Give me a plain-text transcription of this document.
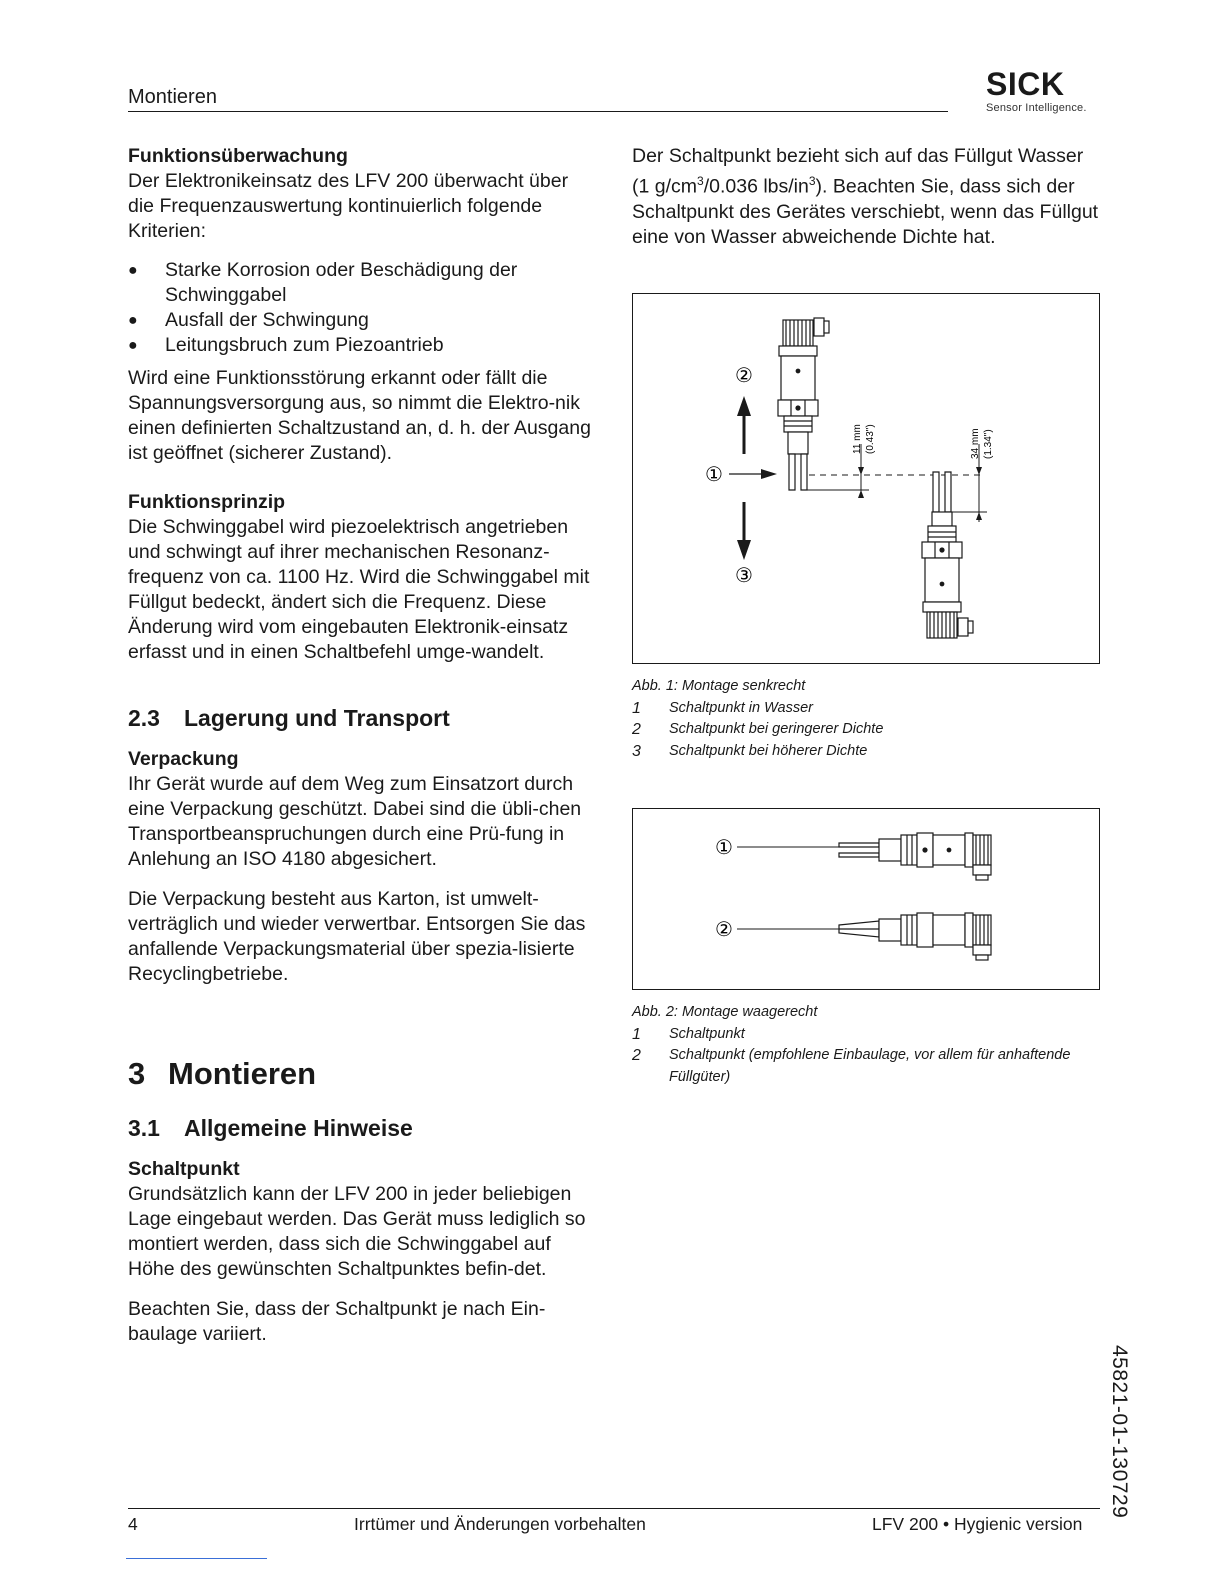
Montieren	SICK
Sensor Intelligence.
Funktionsüberwachung

Der Elektronikeinsatz des LFV 200 überwacht über die Frequenzauswertung kontinuierlich folgende Kriterien:

● Starke Korrosion oder Beschädigung der Schwinggabel
● Ausfall der Schwingung
● Leitungsbruch zum Piezoantrieb

Wird eine Funktionsstörung erkannt oder fällt die Spannungsversorgung aus, so nimmt die Elektro-nik einen definierten Schaltzustand an, d. h. der Ausgang ist geöffnet (sicherer Zustand).

Funktionsprinzip

Die Schwinggabel wird piezoelektrisch angetrieben und schwingt auf ihrer mechanischen Resonanz-frequenz von ca. 1100 Hz. Wird die Schwinggabel mit Füllgut bedeckt, ändert sich die Frequenz. Diese Änderung wird vom eingebauten Elektronik-einsatz erfasst und in einen Schaltbefehl umge-wandelt.

2.3 Lagerung und Transport
Verpackung

Ihr Gerät wurde auf dem Weg zum Einsatzort durch eine Verpackung geschützt. Dabei sind die übli-chen Transportbeanspruchungen durch eine Prü-fung in Anlehung an ISO 4180 abgesichert.

Die Verpackung besteht aus Karton, ist umwelt-verträglich und wieder verwertbar. Entsorgen Sie das anfallende Verpackungsmaterial über spezia-lisierte Recyclingbetriebe.

3 Montieren
3.1 Allgemeine Hinweise
Schaltpunkt

Grundsätzlich kann der LFV 200 in jeder beliebigen Lage eingebaut werden. Das Gerät muss lediglich so montiert werden, dass sich die Schwinggabel auf Höhe des gewünschten Schaltpunktes befin-det.

Beachten Sie, dass der Schaltpunkt je nach Ein-baulage variiert.

Der Schaltpunkt bezieht sich auf das Füllgut Wasser (1 $g/cm^3/0.036$ lbs/$in^3$). Beachten Sie, dass sich der Schaltpunkt des Gerätes verschiebt, wenn das Füllgut eine von Wasser abweichende Dichte hat.

②
①
③
11 mm (0.43")	34 mm (1.34")
Abb. 1: Montage senkrecht
1 Schaltpunkt in Wasser
2 Schaltpunkt bei geringerer Dichte
3 Schaltpunkt bei höherer Dichte
①
②
Abb. 2: Montage waagerecht
1 Schaltpunkt
2 Schaltpunkt (empfohlene Einbaulage, vor allem für anhaftende Füllgüter)
45821-01-130729
4	Irrtümer und Änderungen vorbehalten	LFV 200 • Hygienic version
